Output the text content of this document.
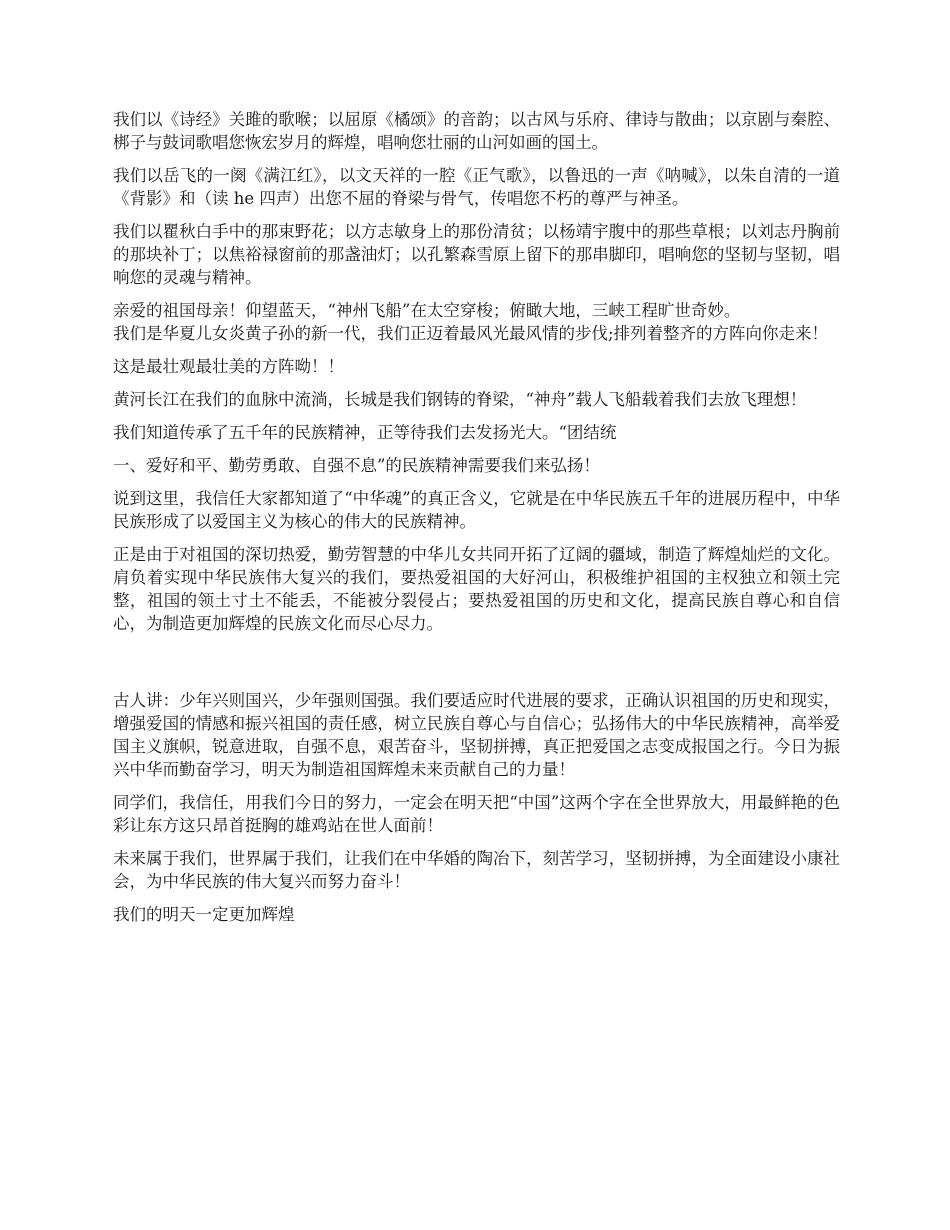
我们以《诗经》关雎的歌喉；以屈原《橘颂》的音韵；以古风与乐府、律诗与散曲；以京剧与秦腔、梆子与鼓词歌唱您恢宏岁月的辉煌，唱响您壮丽的山河如画的国土。

我们以岳飞的一阕《满江红》，以文天祥的一腔《正气歌》，以鲁迅的一声《呐喊》，以朱自清的一道《背影》和（读 he 四声）出您不屈的脊梁与骨气，传唱您不朽的尊严与神圣。

我们以瞿秋白手中的那束野花；以方志敏身上的那份清贫；以杨靖宇腹中的那些草根；以刘志丹胸前的那块补丁；以焦裕禄窗前的那盏油灯；以孔繁森雪原上留下的那串脚印，唱响您的坚韧与坚韧，唱响您的灵魂与精神。

亲爱的祖国母亲！仰望蓝天，“神州飞船”在太空穿梭；俯瞰大地，三峡工程旷世奇妙。

我们是华夏儿女炎黄子孙的新一代，我们正迈着最风光最风情的步伐;排列着整齐的方阵向你走来！

这是最壮观最壮美的方阵呦！！

黄河长江在我们的血脉中流淌，长城是我们钢铸的脊梁，“神舟”载人飞船载着我们去放飞理想！

我们知道传承了五千年的民族精神，正等待我们去发扬光大。“团结统

一、爱好和平、勤劳勇敢、自强不息”的民族精神需要我们来弘扬！

说到这里，我信任大家都知道了“中华魂”的真正含义，它就是在中华民族五千年的进展历程中，中华民族形成了以爱国主义为核心的伟大的民族精神。

正是由于对祖国的深切热爱，勤劳智慧的中华儿女共同开拓了辽阔的疆域，制造了辉煌灿烂的文化。肩负着实现中华民族伟大复兴的我们，要热爱祖国的大好河山，积极维护祖国的主权独立和领土完整，祖国的领土寸土不能丢，不能被分裂侵占；要热爱祖国的历史和文化，提高民族自尊心和自信心，为制造更加辉煌的民族文化而尽心尽力。

古人讲：少年兴则国兴，少年强则国强。我们要适应时代进展的要求，正确认识祖国的历史和现实，增强爱国的情感和振兴祖国的责任感，树立民族自尊心与自信心；弘扬伟大的中华民族精神，高举爱国主义旗帜，锐意进取，自强不息，艰苦奋斗，坚韧拼搏，真正把爱国之志变成报国之行。今日为振兴中华而勤奋学习，明天为制造祖国辉煌未来贡献自己的力量！

同学们，我信任，用我们今日的努力，一定会在明天把“中国”这两个字在全世界放大，用最鲜艳的色彩让东方这只昂首挺胸的雄鸡站在世人面前！

未来属于我们，世界属于我们，让我们在中华婚的陶冶下，刻苦学习，坚韧拼搏，为全面建设小康社会，为中华民族的伟大复兴而努力奋斗！

我们的明天一定更加辉煌
